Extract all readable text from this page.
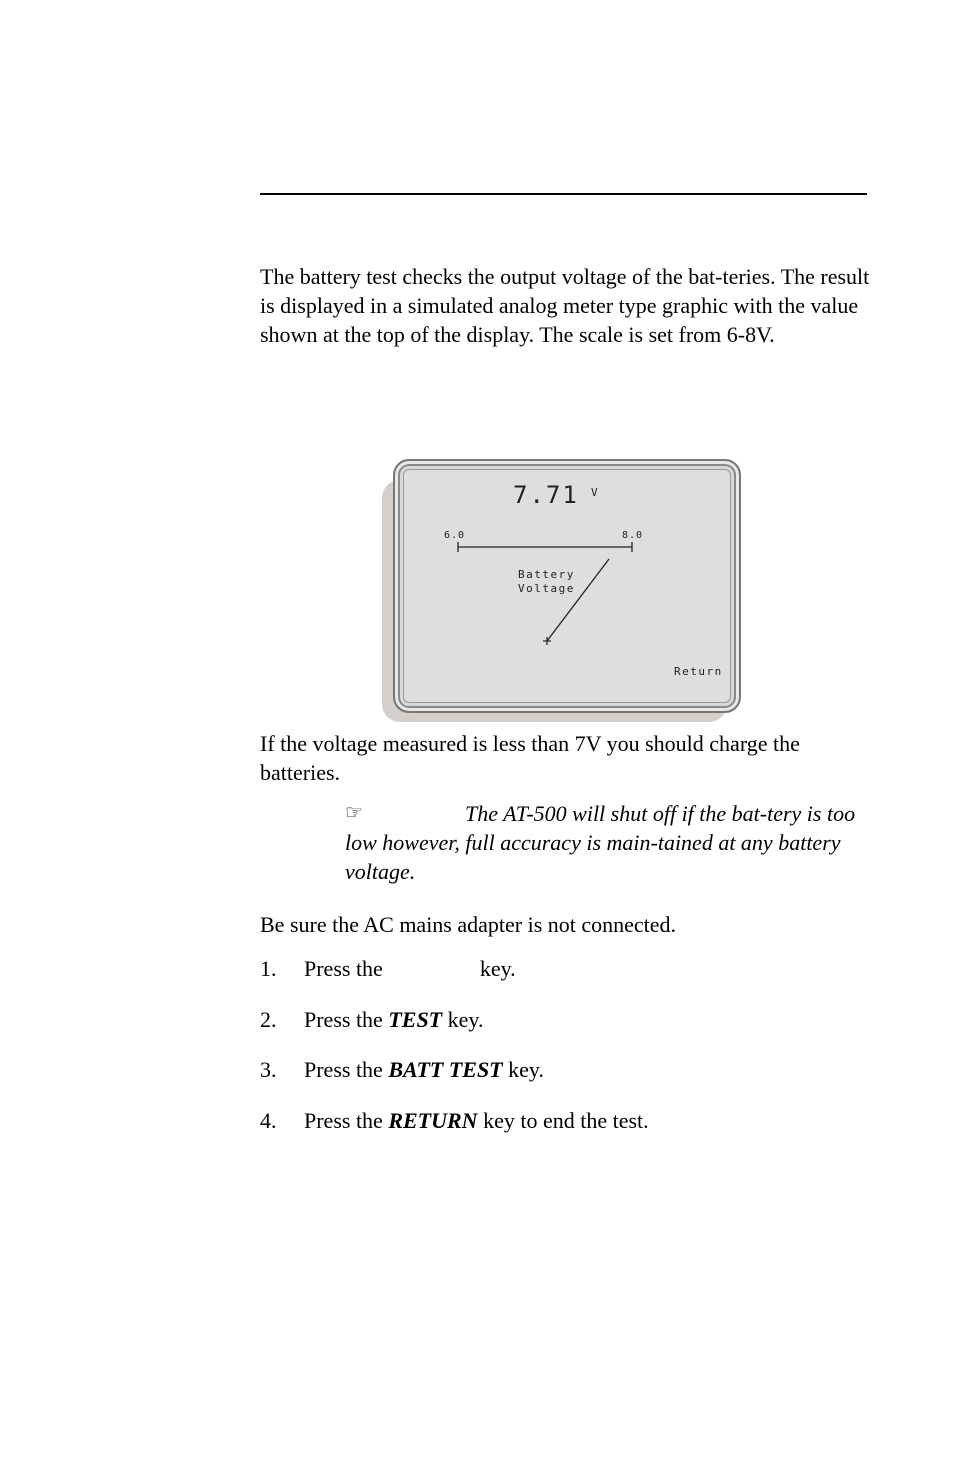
The battery test checks the output voltage of the bat-teries. The result is displayed in a simulated analog meter type graphic with the value shown at the top of the display. The scale is set from 6-8V.

7.71 V
6.0	8.0
Battery
Voltage
Return

If the voltage measured is less than 7V you should charge the batteries.

☞	The AT-500 will shut off if the bat-tery is too low however, full accuracy is main-tained at any battery voltage.

Be sure the AC mains adapter is not connected.

1. Press the	key.
2. Press the TEST key.
3. Press the BATT TEST key.
4. Press the RETURN key to end the test.
